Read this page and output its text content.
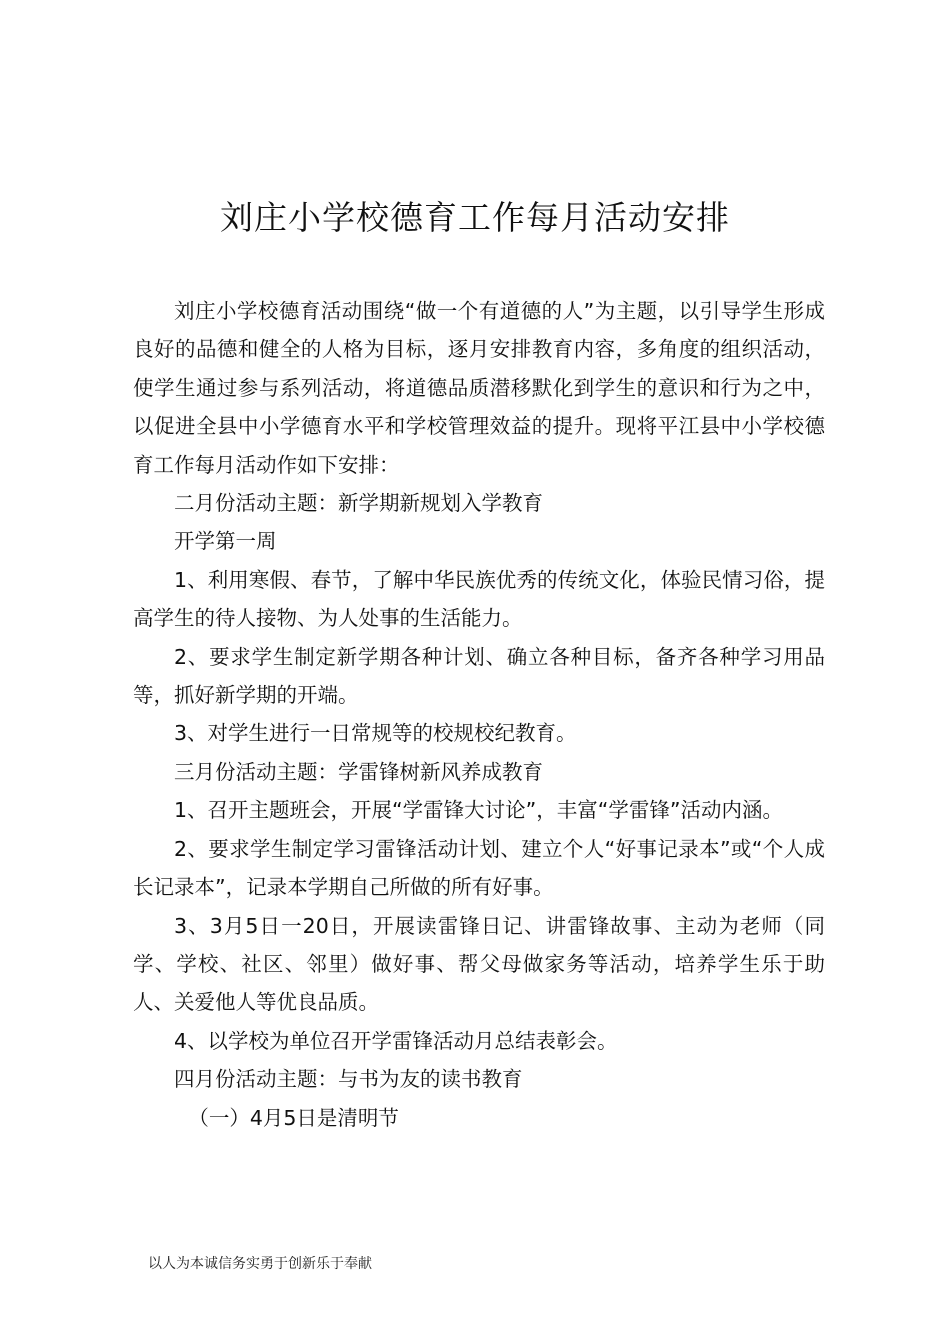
刘庄小学校德育工作每月活动安排

刘庄小学校德育活动围绕“做一个有道德的人”为主题，以引导学生形成良好的品德和健全的人格为目标，逐月安排教育内容，多角度的组织活动，使学生通过参与系列活动，将道德品质潜移默化到学生的意识和行为之中，以促进全县中小学德育水平和学校管理效益的提升。现将平江县中小学校德育工作每月活动作如下安排：

二月份活动主题：新学期新规划入学教育

开学第一周

1、利用寒假、春节，了解中华民族优秀的传统文化，体验民情习俗，提高学生的待人接物、为人处事的生活能力。

2、要求学生制定新学期各种计划、确立各种目标，备齐各种学习用品等，抓好新学期的开端。

3、对学生进行一日常规等的校规校纪教育。

三月份活动主题：学雷锋树新风养成教育

1、召开主题班会，开展“学雷锋大讨论”，丰富“学雷锋”活动内涵。

2、要求学生制定学习雷锋活动计划、建立个人“好事记录本”或“个人成长记录本”，记录本学期自己所做的所有好事。

3、3月5日一20日，开展读雷锋日记、讲雷锋故事、主动为老师（同学、学校、社区、邻里）做好事、帮父母做家务等活动，培养学生乐于助人、关爱他人等优良品质。

4、以学校为单位召开学雷锋活动月总结表彰会。

四月份活动主题：与书为友的读书教育

（一）4月5日是清明节

以人为本诚信务实勇于创新乐于奉献
